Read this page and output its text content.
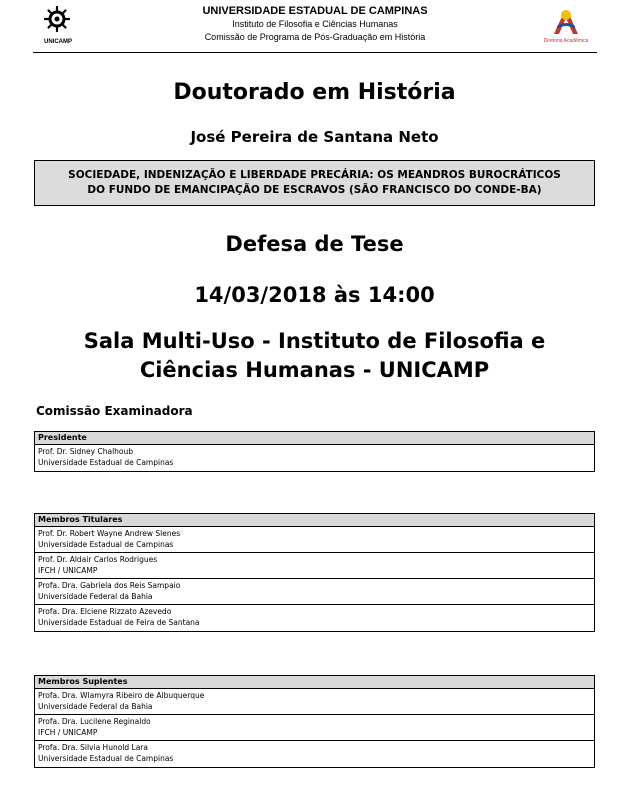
UNICAMP
UNIVERSIDADE ESTADUAL DE CAMPINAS
Instituto de Filosofia e Ciências Humanas
Comissão de Programa de Pós-Graduação em História	Diretoria Acadêmica
Doutorado em História
José Pereira de Santana Neto
SOCIEDADE, INDENIZAÇÃO E LIBERDADE PRECÁRIA: OS MEANDROS BUROCRÁTICOS
DO FUNDO DE EMANCIPAÇÃO DE ESCRAVOS (SÃO FRANCISCO DO CONDE-BA)
Defesa de Tese
14/03/2018 às 14:00
Sala Multi-Uso - Instituto de Filosofia e
Ciências Humanas - UNICAMP
Comissão Examinadora
Presidente
Prof. Dr. Sidney Chalhoub
Universidade Estadual de Campinas
Membros Titulares
Prof. Dr. Robert Wayne Andrew Slenes
Universidade Estadual de Campinas
Prof. Dr. Aldair Carlos Rodrigues
IFCH / UNICAMP
Profa. Dra. Gabriela dos Reis Sampaio
Universidade Federal da Bahia
Profa. Dra. Elciene Rizzato Azevedo
Universidade Estadual de Feira de Santana
Membros Suplentes
Profa. Dra. Wlamyra Ribeiro de Albuquerque
Universidade Federal da Bahia
Profa. Dra. Lucilene Reginaldo
IFCH / UNICAMP
Profa. Dra. Silvia Hunold Lara
Universidade Estadual de Campinas
